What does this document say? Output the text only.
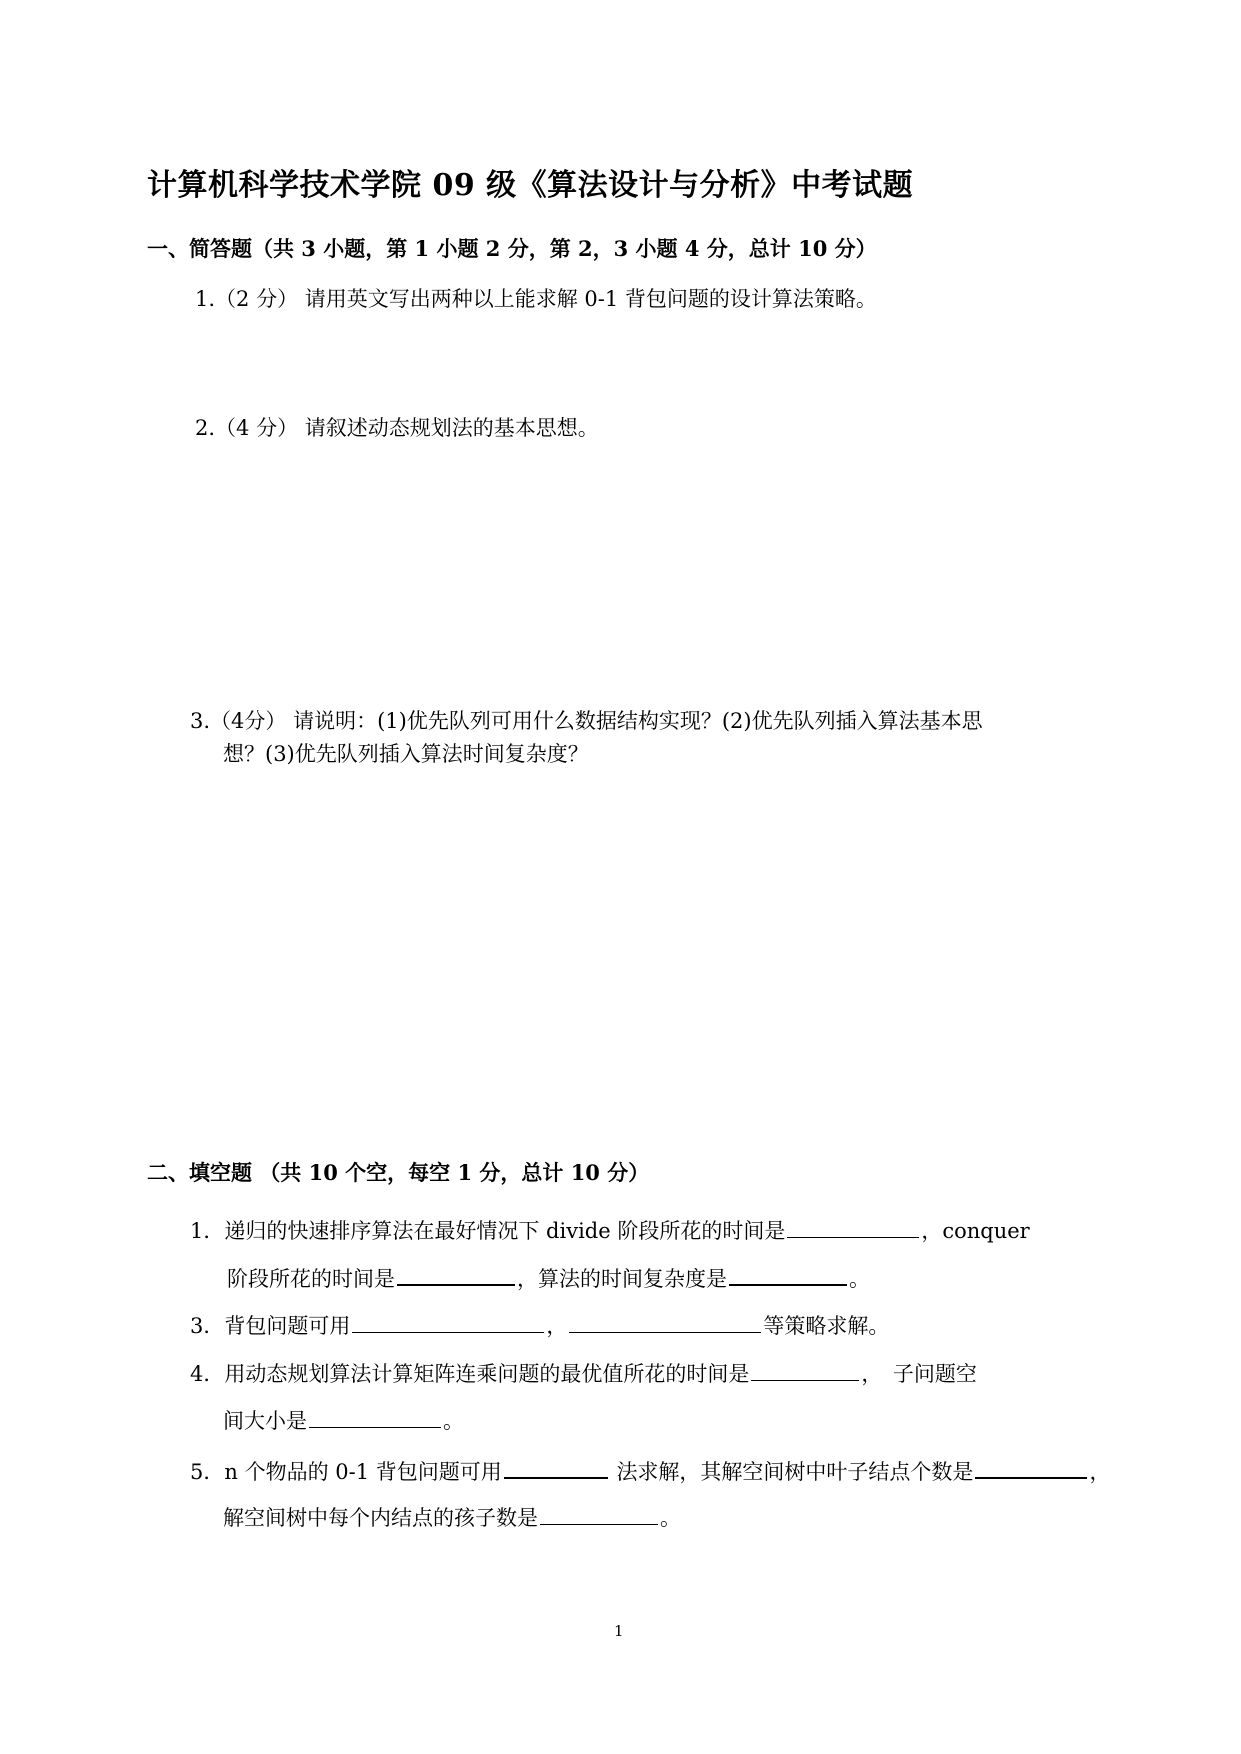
计算机科学技术学院 09 级《算法设计与分析》中考试题
一、简答题（共 3 小题，第 1 小题 2 分，第 2，3 小题 4 分，总计 10 分）
1.（2 分） 请用英文写出两种以上能求解 0-1 背包问题的设计算法策略。
2.（4 分） 请叙述动态规划法的基本思想。
3.（4分） 请说明：(1)优先队列可用什么数据结构实现？(2)优先队列插入算法基本思
想？(3)优先队列插入算法时间复杂度？
二、填空题 （共 10 个空，每空 1 分，总计 10 分）
1．递归的快速排序算法在最好情况下 divide 阶段所花的时间是	，conquer
阶段所花的时间是	，算法的时间复杂度是	。
3．背包问题可用	，	等策略求解。
4．用动态规划算法计算矩阵连乘问题的最优值所花的时间是	，　子问题空
间大小是	。
5．n 个物品的 0-1 背包问题可用	法求解，其解空间树中叶子结点个数是	，
解空间树中每个内结点的孩子数是	。
1
